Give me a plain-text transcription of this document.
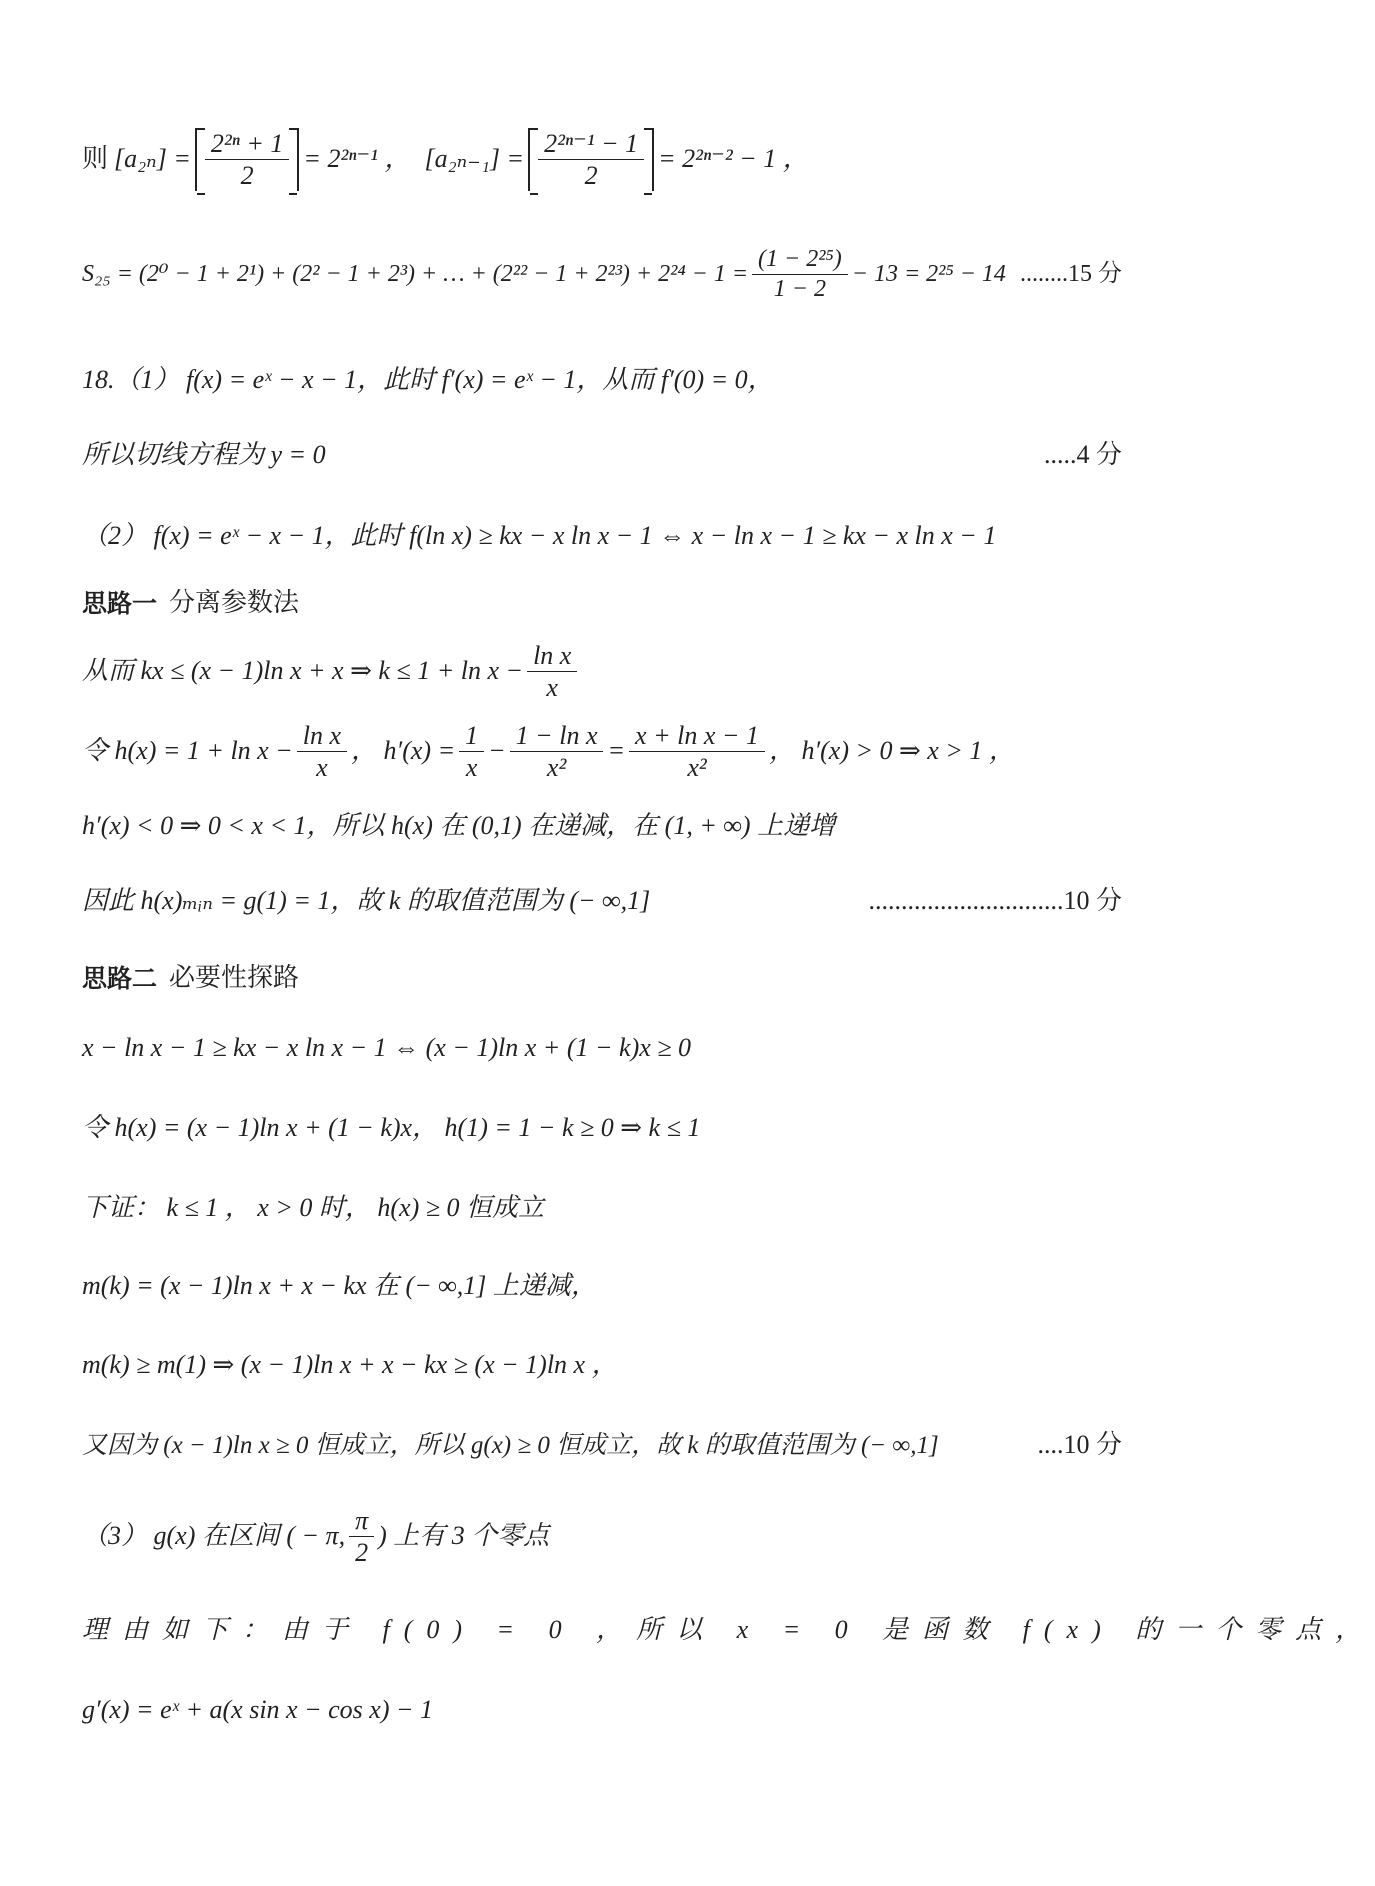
则 $[a_{2n}] = \frac{\text{2²ⁿ + 1}}{2} = 2^{2n-1}$ ， $[a_{2n-1}] = \frac{\text{2²ⁿ⁻¹ − 1}}{2} = 2^{2n-2} - 1$ ，
S₂₅ = (2⁰ − 1 + 2¹) + (2² − 1 + 2³) + … + $(2^{22} - 1 + 2^{23}) + 2^{24} - 1 = \frac{\text{(1 − 2²⁵)}}{1 - 2} - 13 = 2^{25} - 14$ ........15 分
18.（1） f(x) = eˣ − x − 1，此时 f′(x) = eˣ − 1，从而 f′(0) = 0，
所以切线方程为 y = 0	.....4 分
（2） f(x) = eˣ − x − 1，此时 f(ln x) ≥ kx − x ln x − 1 ⇔ x − ln x − 1 ≥ kx − x ln x − 1
思路一 分离参数法
从而 kx ≤ (x − 1)ln x + x ⇒ $k \le 1 + \ln x - \frac{\text{ln x}}{x}$
令 $h(x) = 1 + \ln x - \frac{\text{ln x}}{x}$ ， $h'(x) = \frac{1}{x} - \frac{\text{1 − ln x}}{\text{x²}} = \frac{\text{x + ln x − 1}}{\text{x²}}$ ， h′(x) > 0 ⇒ x > 1 ，
h′(x) < 0 ⇒ 0 < x < 1，所以 h(x) 在 (0,1) 在递减，在 (1, + ∞) 上递增
因此 h(x)ₘᵢₙ = g(1) = 1，故 k 的取值范围为 (− ∞,1]	..............................10 分
思路二 必要性探路
x − ln x − 1 ≥ kx − x ln x − 1 ⇔ (x − 1)ln x + (1 − k)x ≥ 0
令 h(x) = (x − 1)ln x + (1 − k)x， h(1) = 1 − k ≥ 0 ⇒ k ≤ 1
下证： k ≤ 1 ， x > 0 时， h(x) ≥ 0 恒成立
m(k) = (x − 1)ln x + x − kx 在 (− ∞,1] 上递减，
m(k) ≥ m(1) ⇒ (x − 1)ln x + x − kx ≥ (x − 1)ln x ，
又因为 (x − 1)ln x ≥ 0 恒成立，所以 g(x) ≥ 0 恒成立，故 k 的取值范围为 (− ∞,1]	....10 分
（3） g(x) 在区间 ( − π, $\frac{\pi}{2}$ ) 上有 3 个零点
理由如下：由于 f(0) = 0 ，所以 x = 0 是函数 f(x) 的一个零点，
g′(x) = eˣ + a(x sin x − cos x) − 1
